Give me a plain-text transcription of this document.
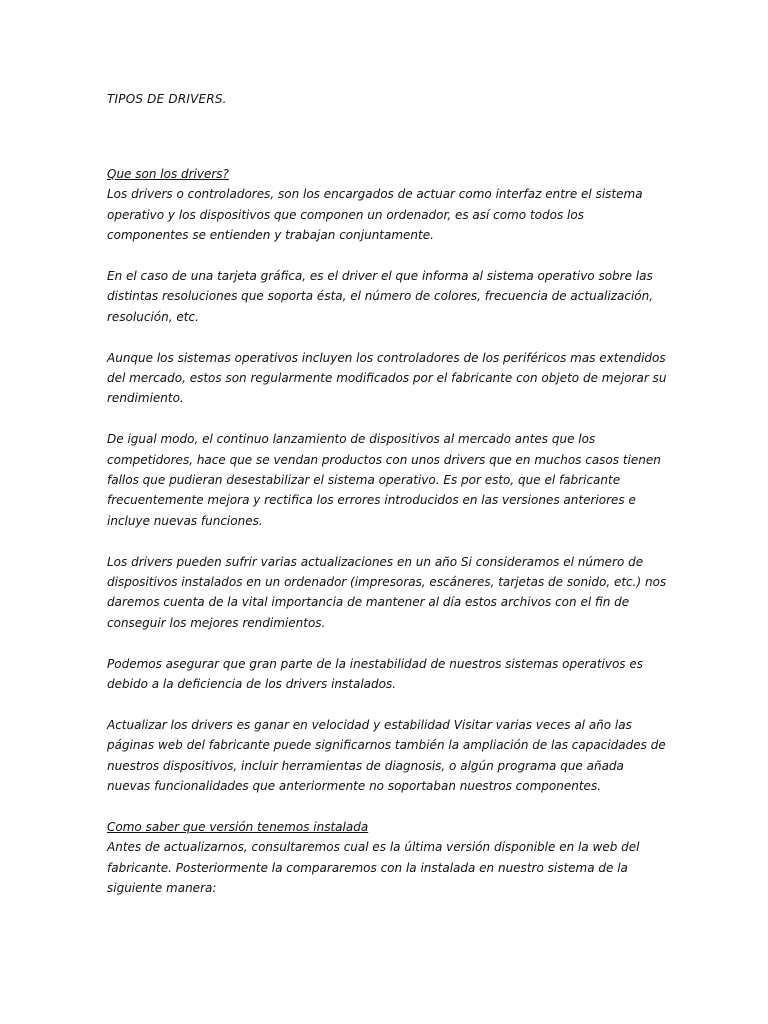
TIPOS DE DRIVERS.
Que son los drivers?

Los drivers o controladores, son los encargados de actuar como interfaz entre el sistema operativo y los dispositivos que componen un ordenador, es así como todos los componentes se entienden y trabajan conjuntamente.

En el caso de una tarjeta gráfica, es el driver el que informa al sistema operativo sobre las distintas resoluciones que soporta ésta, el número de colores, frecuencia de actualización, resolución, etc.

Aunque los sistemas operativos incluyen los controladores de los periféricos mas extendidos del mercado, estos son regularmente modificados por el fabricante con objeto de mejorar su rendimiento.

De igual modo, el continuo lanzamiento de dispositivos al mercado antes que los competidores, hace que se vendan productos con unos drivers que en muchos casos tienen fallos que pudieran desestabilizar el sistema operativo. Es por esto, que el fabricante frecuentemente mejora y rectifica los errores introducidos en las versiones anteriores e incluye nuevas funciones.

Los drivers pueden sufrir varias actualizaciones en un año Si consideramos el número de dispositivos instalados en un ordenador (impresoras, escáneres, tarjetas de sonido, etc.) nos daremos cuenta de la vital importancia de mantener al día estos archivos con el fin de conseguir los mejores rendimientos.

Podemos asegurar que gran parte de la inestabilidad de nuestros sistemas operativos es debido a la deficiencia de los drivers instalados.

Actualizar los drivers es ganar en velocidad y estabilidad Visitar varias veces al año las páginas web del fabricante puede significarnos también la ampliación de las capacidades de nuestros dispositivos, incluir herramientas de diagnosis, o algún programa que añada nuevas funcionalidades que anteriormente no soportaban nuestros componentes.

Como saber que versión tenemos instalada

Antes de actualizarnos, consultaremos cual es la última versión disponible en la web del fabricante. Posteriormente la compararemos con la instalada en nuestro sistema de la siguiente manera:
